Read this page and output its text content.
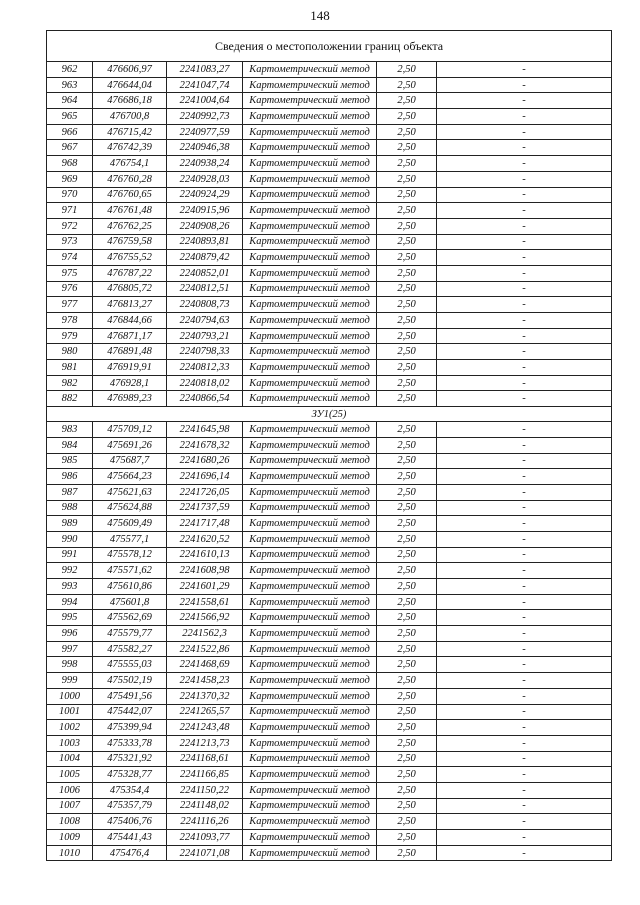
148
Сведения о местоположении границ объекта					
962	476606,97	2241083,27	Картометрический метод	2,50	-
963	476644,04	2241047,74	Картометрический метод	2,50	-
964	476686,18	2241004,64	Картометрический метод	2,50	-
965	476700,8	2240992,73	Картометрический метод	2,50	-
966	476715,42	2240977,59	Картометрический метод	2,50	-
967	476742,39	2240946,38	Картометрический метод	2,50	-
968	476754,1	2240938,24	Картометрический метод	2,50	-
969	476760,28	2240928,03	Картометрический метод	2,50	-
970	476760,65	2240924,29	Картометрический метод	2,50	-
971	476761,48	2240915,96	Картометрический метод	2,50	-
972	476762,25	2240908,26	Картометрический метод	2,50	-
973	476759,58	2240893,81	Картометрический метод	2,50	-
974	476755,52	2240879,42	Картометрический метод	2,50	-
975	476787,22	2240852,01	Картометрический метод	2,50	-
976	476805,72	2240812,51	Картометрический метод	2,50	-
977	476813,27	2240808,73	Картометрический метод	2,50	-
978	476844,66	2240794,63	Картометрический метод	2,50	-
979	476871,17	2240793,21	Картометрический метод	2,50	-
980	476891,48	2240798,33	Картометрический метод	2,50	-
981	476919,91	2240812,33	Картометрический метод	2,50	-
982	476928,1	2240818,02	Картометрический метод	2,50	-
882	476989,23	2240866,54	Картометрический метод	2,50	-
ЗУ1(25)					
983	475709,12	2241645,98	Картометрический метод	2,50	-
984	475691,26	2241678,32	Картометрический метод	2,50	-
985	475687,7	2241680,26	Картометрический метод	2,50	-
986	475664,23	2241696,14	Картометрический метод	2,50	-
987	475621,63	2241726,05	Картометрический метод	2,50	-
988	475624,88	2241737,59	Картометрический метод	2,50	-
989	475609,49	2241717,48	Картометрический метод	2,50	-
990	475577,1	2241620,52	Картометрический метод	2,50	-
991	475578,12	2241610,13	Картометрический метод	2,50	-
992	475571,62	2241608,98	Картометрический метод	2,50	-
993	475610,86	2241601,29	Картометрический метод	2,50	-
994	475601,8	2241558,61	Картометрический метод	2,50	-
995	475562,69	2241566,92	Картометрический метод	2,50	-
996	475579,77	2241562,3	Картометрический метод	2,50	-
997	475582,27	2241522,86	Картометрический метод	2,50	-
998	475555,03	2241468,69	Картометрический метод	2,50	-
999	475502,19	2241458,23	Картометрический метод	2,50	-
1000	475491,56	2241370,32	Картометрический метод	2,50	-
1001	475442,07	2241265,57	Картометрический метод	2,50	-
1002	475399,94	2241243,48	Картометрический метод	2,50	-
1003	475333,78	2241213,73	Картометрический метод	2,50	-
1004	475321,92	2241168,61	Картометрический метод	2,50	-
1005	475328,77	2241166,85	Картометрический метод	2,50	-
1006	475354,4	2241150,22	Картометрический метод	2,50	-
1007	475357,79	2241148,02	Картометрический метод	2,50	-
1008	475406,76	2241116,26	Картометрический метод	2,50	-
1009	475441,43	2241093,77	Картометрический метод	2,50	-
1010	475476,4	2241071,08	Картометрический метод	2,50	-
